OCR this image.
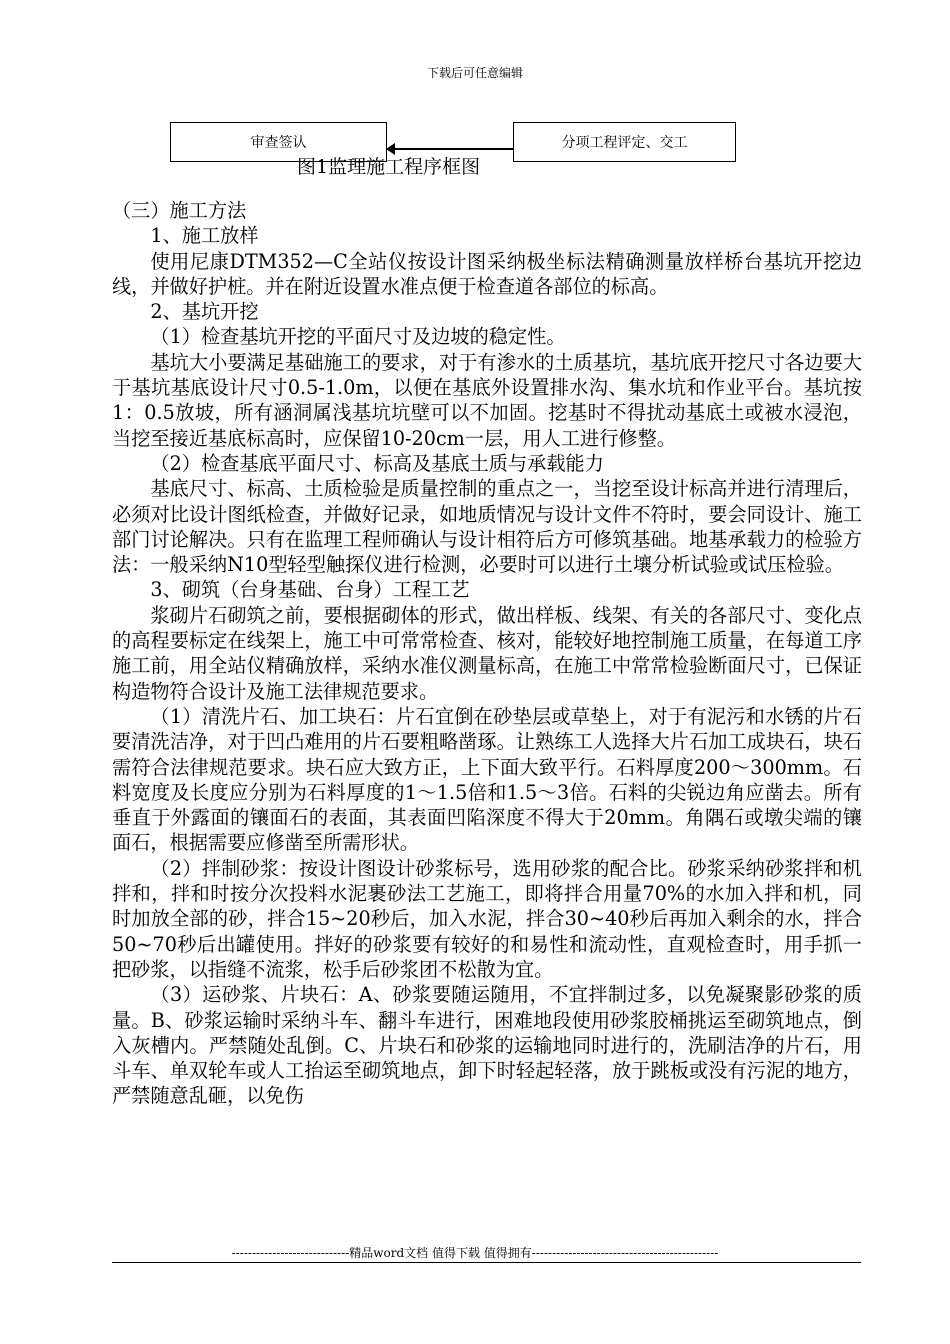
下载后可任意编辑
审查签认	分项工程评定、交工
图1监理施工程序框图

（三）施工方法

1、施工放样

使用尼康DTM352—C全站仪按设计图采纳极坐标法精确测量放样桥台基坑开挖边线，并做好护桩。并在附近设置水准点便于检查道各部位的标高。

2、基坑开挖

（1）检查基坑开挖的平面尺寸及边坡的稳定性。

基坑大小要满足基础施工的要求，对于有渗水的土质基坑，基坑底开挖尺寸各边要大于基坑基底设计尺寸0.5-1.0m，以便在基底外设置排水沟、集水坑和作业平台。基坑按1：0.5放坡，所有涵洞属浅基坑坑壁可以不加固。挖基时不得扰动基底土或被水浸泡，当挖至接近基底标高时，应保留10-20cm一层，用人工进行修整。

（2）检查基底平面尺寸、标高及基底土质与承载能力

基底尺寸、标高、土质检验是质量控制的重点之一，当挖至设计标高并进行清理后，必须对比设计图纸检查，并做好记录，如地质情况与设计文件不符时，要会同设计、施工部门讨论解决。只有在监理工程师确认与设计相符后方可修筑基础。地基承载力的检验方法：一般采纳N10型轻型触探仪进行检测，必要时可以进行土壤分析试验或试压检验。

3、砌筑（台身基础、台身）工程工艺

浆砌片石砌筑之前，要根据砌体的形式，做出样板、线架、有关的各部尺寸、变化点的高程要标定在线架上，施工中可常常检查、核对，能较好地控制施工质量，在每道工序施工前，用全站仪精确放样，采纳水准仪测量标高，在施工中常常检验断面尺寸，已保证构造物符合设计及施工法律规范要求。

（1）清洗片石、加工块石：片石宜倒在砂垫层或草垫上，对于有泥污和水锈的片石要清洗洁净，对于凹凸难用的片石要粗略凿琢。让熟练工人选择大片石加工成块石，块石需符合法律规范要求。块石应大致方正，上下面大致平行。石料厚度200～300mm。石料宽度及长度应分别为石料厚度的1～1.5倍和1.5～3倍。石料的尖锐边角应凿去。所有垂直于外露面的镶面石的表面，其表面凹陷深度不得大于20mm。角隅石或墩尖端的镶面石，根据需要应修凿至所需形状。

（2）拌制砂浆：按设计图设计砂浆标号，选用砂浆的配合比。砂浆采纳砂浆拌和机拌和，拌和时按分次投料水泥裹砂法工艺施工，即将拌合用量70%的水加入拌和机，同时加放全部的砂，拌合15~20秒后，加入水泥，拌合30~40秒后再加入剩余的水，拌合50~70秒后出罐使用。拌好的砂浆要有较好的和易性和流动性，直观检查时，用手抓一把砂浆，以指缝不流浆，松手后砂浆团不松散为宜。

（3）运砂浆、片块石：A、砂浆要随运随用，不宜拌制过多，以免凝聚影砂浆的质量。B、砂浆运输时采纳斗车、翻斗车进行，困难地段使用砂浆胶桶挑运至砌筑地点，倒入灰槽内。严禁随处乱倒。C、片块石和砂浆的运输地同时进行的，洗刷洁净的片石，用斗车、单双轮车或人工抬运至砌筑地点，卸下时轻起轻落，放于跳板或没有污泥的地方，严禁随意乱砸，以免伤

-----------------------------精品word文档 值得下载 值得拥有----------------------------------------------
